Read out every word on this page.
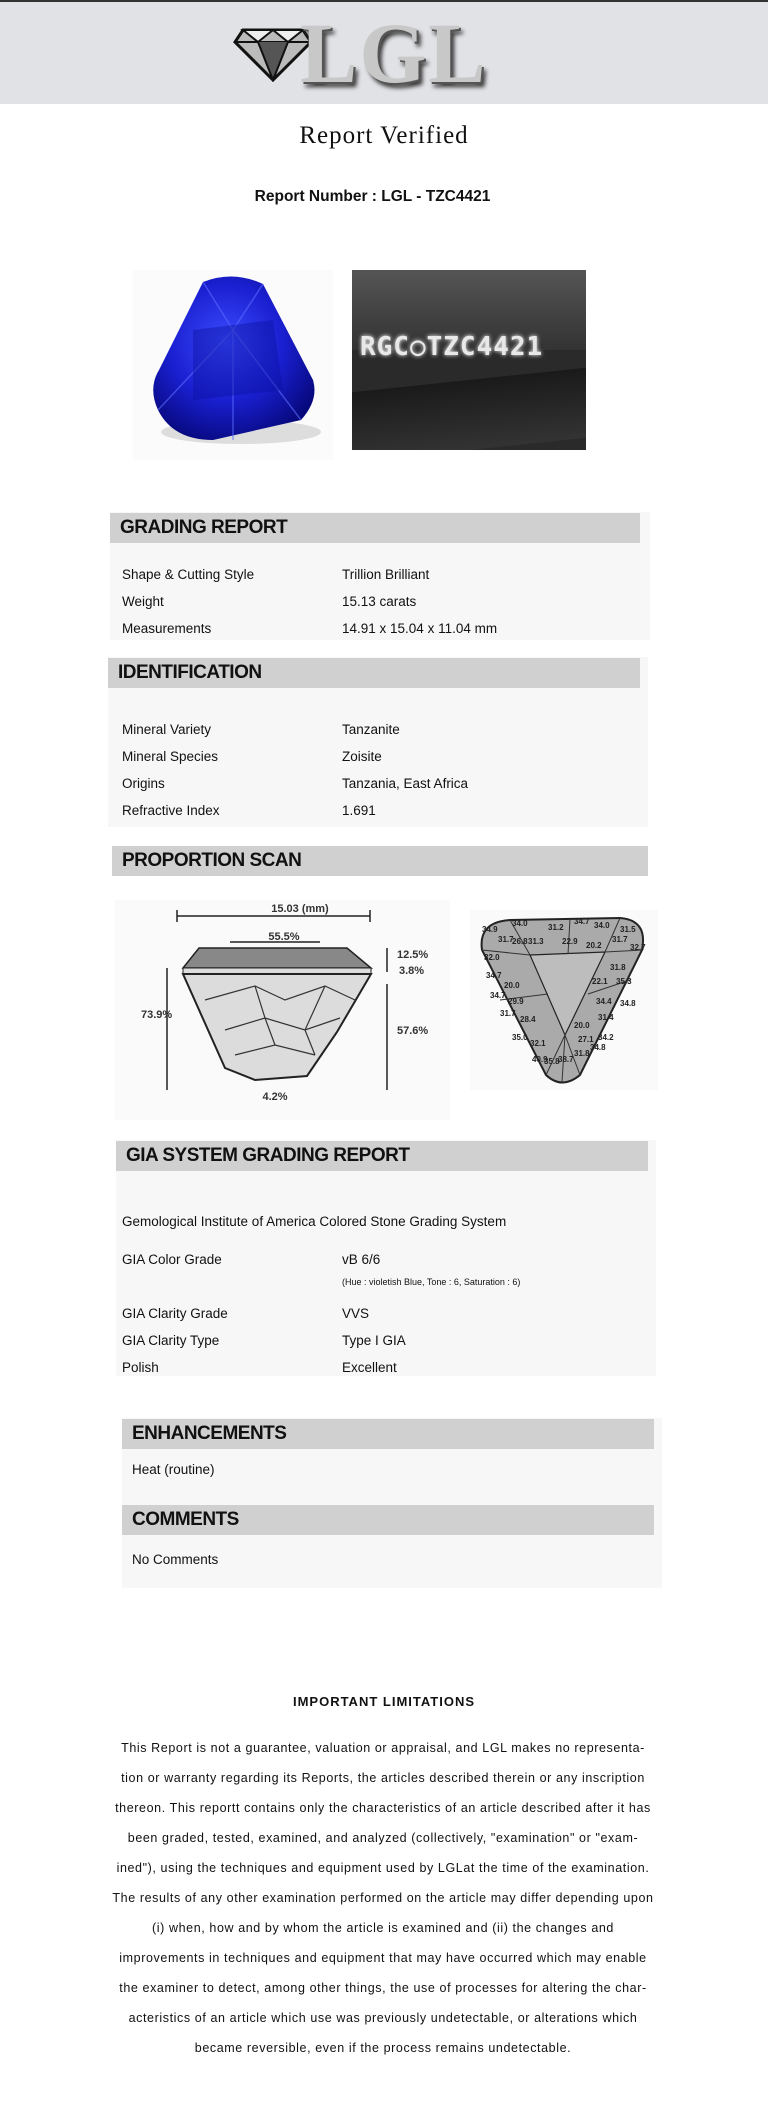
LGL
Report Verified
Report Number : LGL - TZC4421
RGC○TZC4421
GRADING REPORT
Shape & Cutting Style	Trillion Brilliant
Weight	15.13 carats
Measurements	14.91 x 15.04 x 11.04 mm
IDENTIFICATION
Mineral Variety	Tanzanite
Mineral Species	Zoisite
Origins	Tanzania, East Africa
Refractive Index	1.691
PROPORTION SCAN
15.03 (mm)
55.5%
73.9%
12.5%
3.8%
57.6%
4.2%
34.9
34.0	31.2
34.7 34.0 31.5
31.7
26.8 31.3 22.9 20.2
31.7
32.7
32.0
31.8
34.7
20.0	22.1 35.3
34.7
29.9	34.4 34.8
31.7
28.4	31.4
20.0
35.0	27.1 34.2
32.1
31.8
34.8
40.9
35.8
38.7
GIA SYSTEM GRADING REPORT
Gemological Institute of America Colored Stone Grading System
GIA Color Grade	vB 6/6
(Hue : violetish Blue, Tone : 6, Saturation : 6)
GIA Clarity Grade	VVS
GIA Clarity Type	Type I GIA
Polish	Excellent
ENHANCEMENTS
Heat (routine)
COMMENTS
No Comments
IMPORTANT LIMITATIONS
This Report is not a guarantee, valuation or appraisal, and LGL makes no representa-tion or warranty regarding its Reports, the articles described therein or any inscription thereon. This reportt contains only the characteristics of an article described after it has been graded, tested, examined, and analyzed (collectively, "examination" or "exam-ined"), using the techniques and equipment used by LGLat the time of the examination. The results of any other examination performed on the article may differ depending upon (i) when, how and by whom the article is examined and (ii) the changes and improvements in techniques and equipment that may have occurred which may enable the examiner to detect, among other things, the use of processes for altering the char-acteristics of an article which use was previously undetectable, or alterations which became reversible, even if the process remains undetectable.
